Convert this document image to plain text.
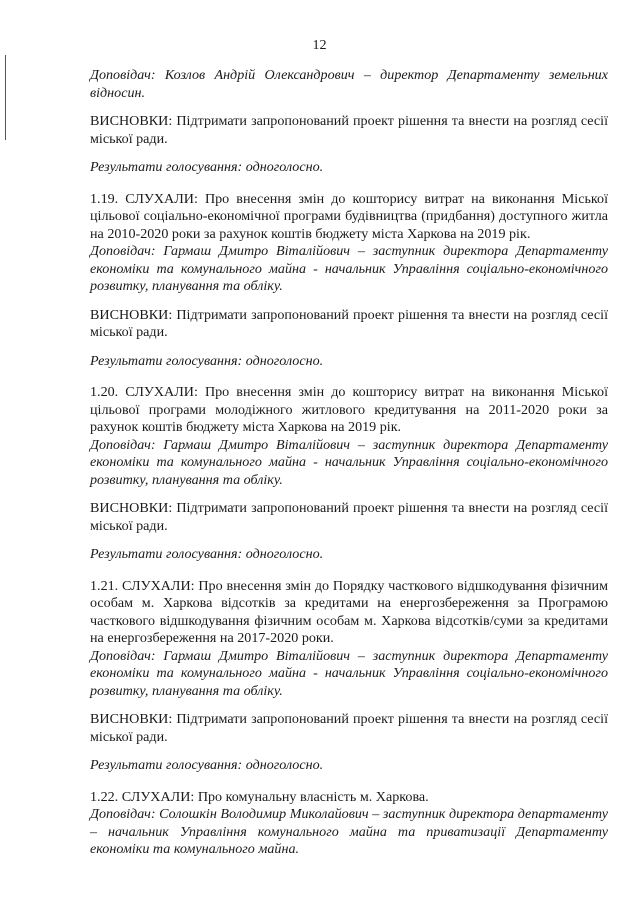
12

Доповідач: Козлов Андрій Олександрович – директор Департаменту земельних відносин.

ВИСНОВКИ: Підтримати запропонований проект рішення та внести на розгляд сесії міської ради.

Результати голосування: одноголосно.

1.19. СЛУХАЛИ: Про внесення змін до кошторису витрат на виконання Міської цільової соціально-економічної програми будівництва (придбання) доступного житла на 2010-2020 роки за рахунок коштів бюджету міста Харкова на 2019 рік.

Доповідач: Гармаш Дмитро Віталійович – заступник директора Департаменту економіки та комунального майна - начальник Управління соціально-економічного розвитку, планування та обліку.

ВИСНОВКИ: Підтримати запропонований проект рішення та внести на розгляд сесії міської ради.

Результати голосування: одноголосно.

1.20. СЛУХАЛИ: Про внесення змін до кошторису витрат на виконання Міської цільової програми молодіжного житлового кредитування на 2011-2020 роки за рахунок коштів бюджету міста Харкова на 2019 рік.

Доповідач: Гармаш Дмитро Віталійович – заступник директора Департаменту економіки та комунального майна - начальник Управління соціально-економічного розвитку, планування та обліку.

ВИСНОВКИ: Підтримати запропонований проект рішення та внести на розгляд сесії міської ради.

Результати голосування: одноголосно.

1.21. СЛУХАЛИ: Про внесення змін до Порядку часткового відшкодування фізичним особам м. Харкова відсотків за кредитами на енергозбереження за Програмою часткового відшкодування фізичним особам м. Харкова відсотків/суми за кредитами на енергозбереження на 2017-2020 роки.

Доповідач: Гармаш Дмитро Віталійович – заступник директора Департаменту економіки та комунального майна - начальник Управління соціально-економічного розвитку, планування та обліку.

ВИСНОВКИ: Підтримати запропонований проект рішення та внести на розгляд сесії міської ради.

Результати голосування: одноголосно.

1.22. СЛУХАЛИ: Про комунальну власність м. Харкова.

Доповідач: Солошкін Володимир Миколайович – заступник директора департаменту – начальник Управління комунального майна та приватизації Департаменту економіки та комунального майна.
